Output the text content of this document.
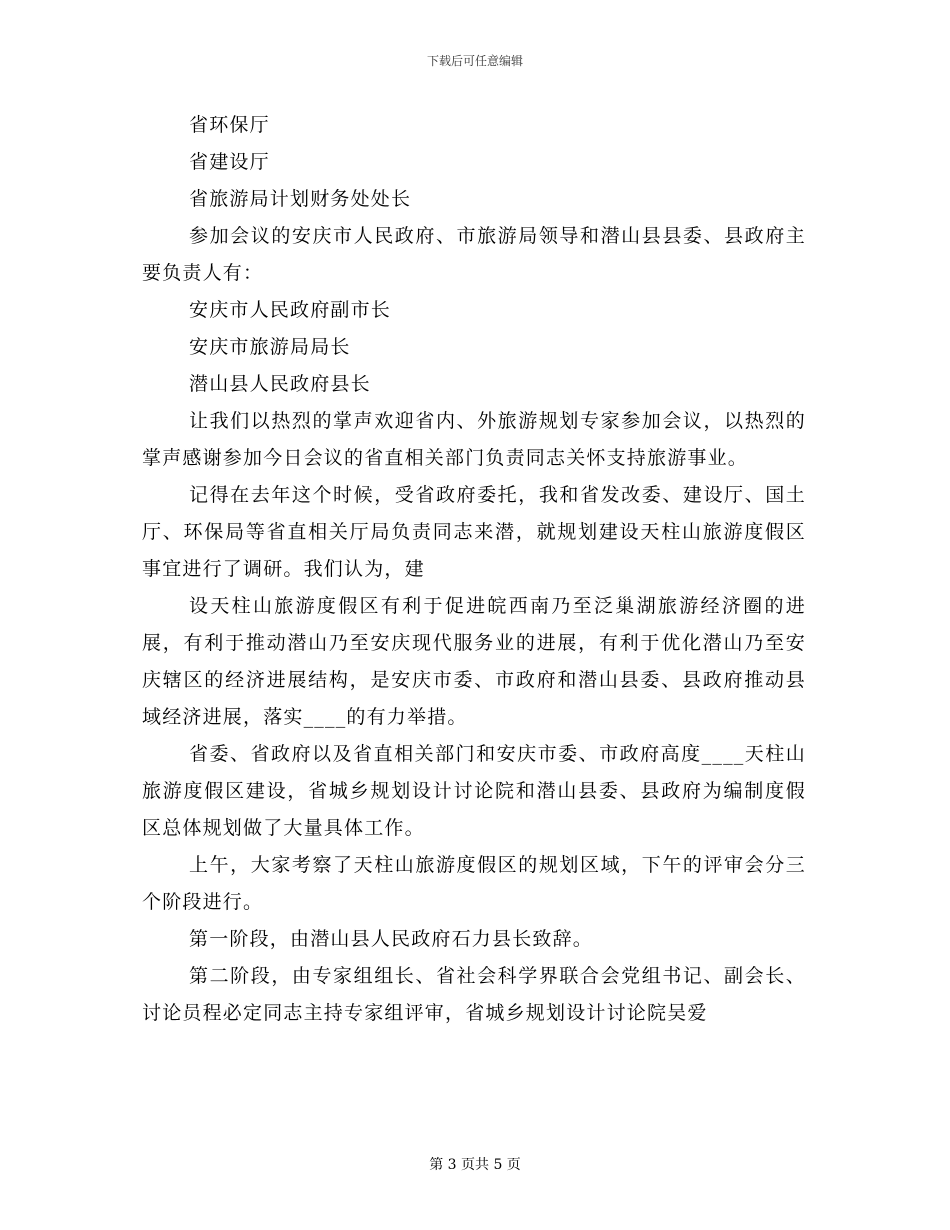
下载后可任意编辑

省环保厅

省建设厅

省旅游局计划财务处处长

参加会议的安庆市人民政府、市旅游局领导和潜山县县委、县政府主要负责人有：

安庆市人民政府副市长

安庆市旅游局局长

潜山县人民政府县长

让我们以热烈的掌声欢迎省内、外旅游规划专家参加会议，以热烈的掌声感谢参加今日会议的省直相关部门负责同志关怀支持旅游事业。

记得在去年这个时候，受省政府委托，我和省发改委、建设厅、国土厅、环保局等省直相关厅局负责同志来潜，就规划建设天柱山旅游度假区事宜进行了调研。我们认为，建

设天柱山旅游度假区有利于促进皖西南乃至泛巢湖旅游经济圈的进展，有利于推动潜山乃至安庆现代服务业的进展，有利于优化潜山乃至安庆辖区的经济进展结构，是安庆市委、市政府和潜山县委、县政府推动县域经济进展，落实____的有力举措。

省委、省政府以及省直相关部门和安庆市委、市政府高度____天柱山旅游度假区建设，省城乡规划设计讨论院和潜山县委、县政府为编制度假区总体规划做了大量具体工作。

上午，大家考察了天柱山旅游度假区的规划区域，下午的评审会分三个阶段进行。

第一阶段，由潜山县人民政府石力县长致辞。

第二阶段，由专家组组长、省社会科学界联合会党组书记、副会长、讨论员程必定同志主持专家组评审，省城乡规划设计讨论院吴爱

第 3 页共 5 页
